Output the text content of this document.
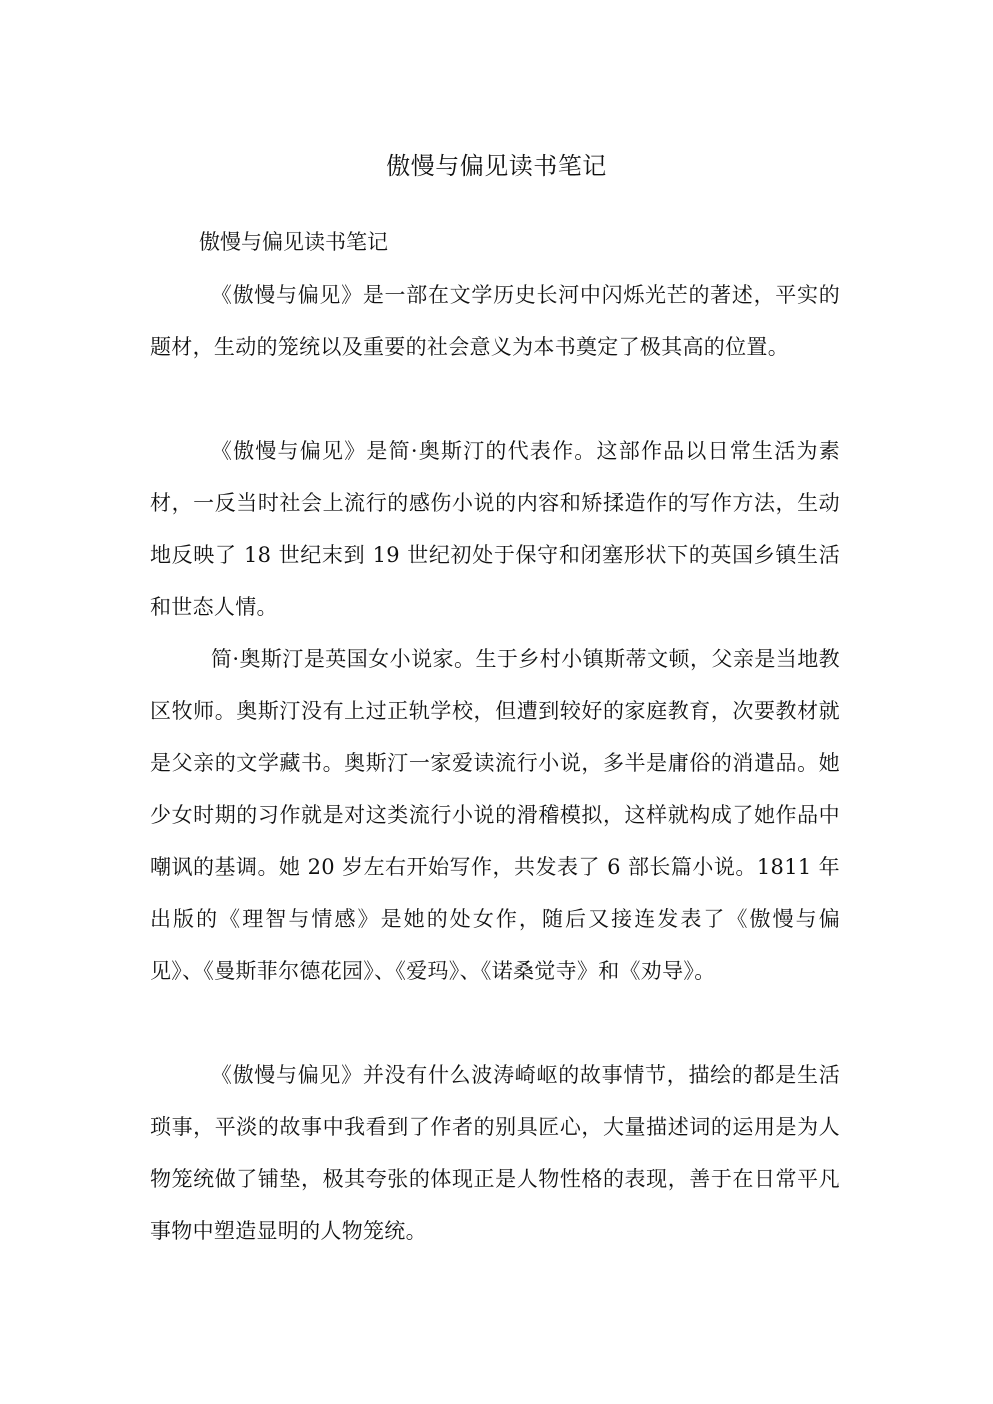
傲慢与偏见读书笔记

傲慢与偏见读书笔记

《傲慢与偏见》是一部在文学历史长河中闪烁光芒的著述，平实的题材，生动的笼统以及重要的社会意义为本书奠定了极其高的位置。

《傲慢与偏见》是简·奥斯汀的代表作。这部作品以日常生活为素材，一反当时社会上流行的感伤小说的内容和矫揉造作的写作方法，生动地反映了 18 世纪末到 19 世纪初处于保守和闭塞形状下的英国乡镇生活和世态人情。

简·奥斯汀是英国女小说家。生于乡村小镇斯蒂文顿，父亲是当地教区牧师。奥斯汀没有上过正轨学校，但遭到较好的家庭教育，次要教材就是父亲的文学藏书。奥斯汀一家爱读流行小说，多半是庸俗的消遣品。她少女时期的习作就是对这类流行小说的滑稽模拟，这样就构成了她作品中嘲讽的基调。她 20 岁左右开始写作，共发表了 6 部长篇小说。1811 年出版的《理智与情感》是她的处女作，随后又接连发表了《傲慢与偏见》、《曼斯菲尔德花园》、《爱玛》、《诺桑觉寺》和《劝导》。

《傲慢与偏见》并没有什么波涛崎岖的故事情节，描绘的都是生活琐事，平淡的故事中我看到了作者的别具匠心，大量描述词的运用是为人物笼统做了铺垫，极其夸张的体现正是人物性格的表现，善于在日常平凡事物中塑造显明的人物笼统。
